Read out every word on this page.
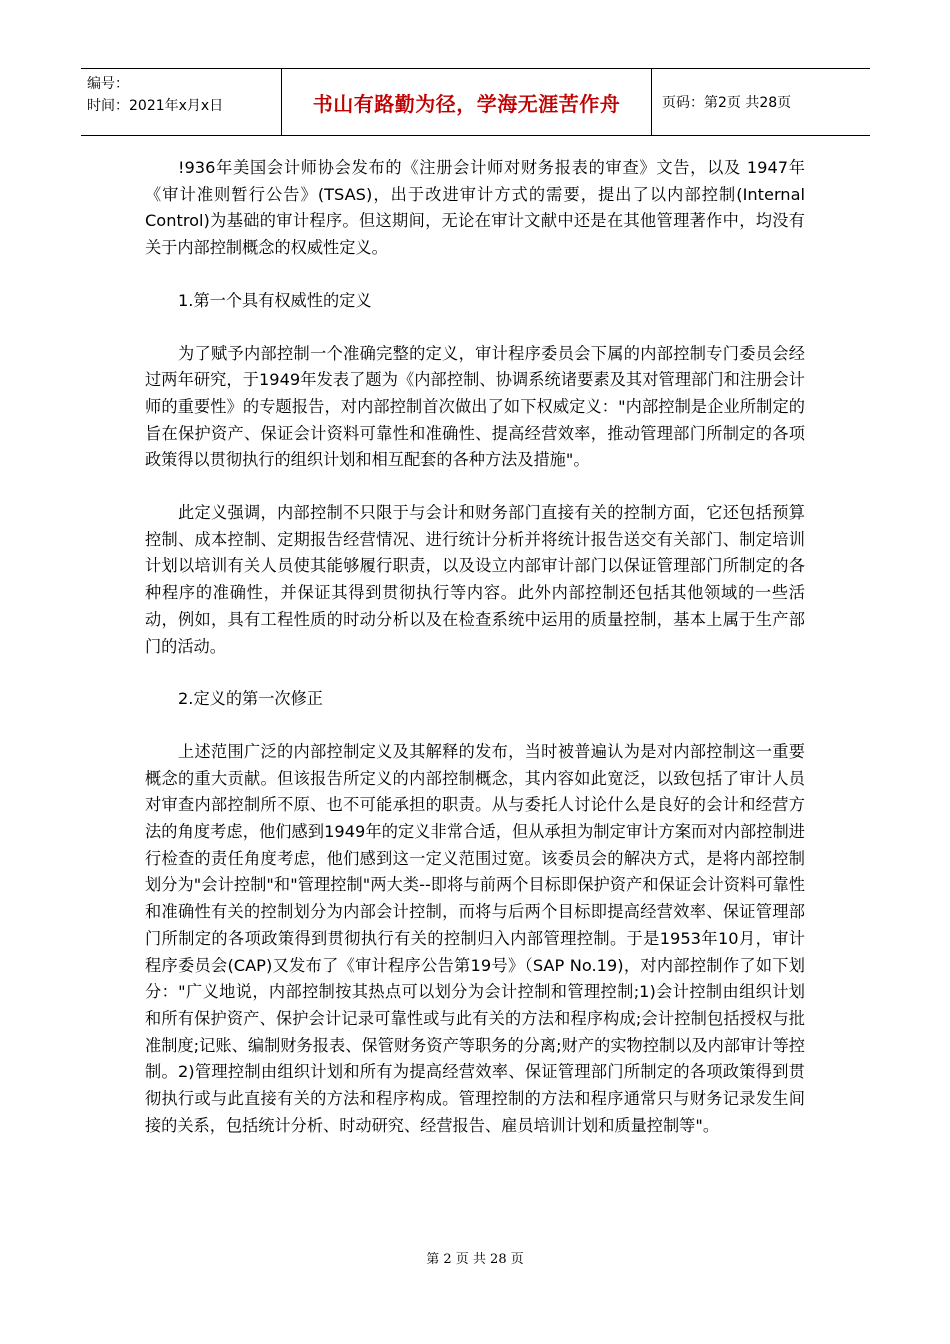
编号：
时间：2021年x月x日	书山有路勤为径，学海无涯苦作舟	页码：第2页 共28页

!936年美国会计师协会发布的《注册会计师对财务报表的审查》文告，以及 1947年《审计准则暂行公告》(TSAS)，出于改进审计方式的需要，提出了以内部控制(Internal Control)为基础的审计程序。但这期间，无论在审计文献中还是在其他管理著作中，均没有关于内部控制概念的权威性定义。

1.第一个具有权威性的定义

为了赋予内部控制一个准确完整的定义，审计程序委员会下属的内部控制专门委员会经过两年研究，于1949年发表了题为《内部控制、协调系统诸要素及其对管理部门和注册会计师的重要性》的专题报告，对内部控制首次做出了如下权威定义："内部控制是企业所制定的旨在保护资产、保证会计资料可靠性和准确性、提高经营效率，推动管理部门所制定的各项政策得以贯彻执行的组织计划和相互配套的各种方法及措施"。

此定义强调，内部控制不只限于与会计和财务部门直接有关的控制方面，它还包括预算控制、成本控制、定期报告经营情况、进行统计分析并将统计报告送交有关部门、制定培训计划以培训有关人员使其能够履行职责，以及设立内部审计部门以保证管理部门所制定的各种程序的准确性，并保证其得到贯彻执行等内容。此外内部控制还包括其他领域的一些活动，例如，具有工程性质的时动分析以及在检查系统中运用的质量控制，基本上属于生产部门的活动。

2.定义的第一次修正

上述范围广泛的内部控制定义及其解释的发布，当时被普遍认为是对内部控制这一重要概念的重大贡献。但该报告所定义的内部控制概念，其内容如此宽泛，以致包括了审计人员对审查内部控制所不原、也不可能承担的职责。从与委托人讨论什么是良好的会计和经营方法的角度考虑，他们感到1949年的定义非常合适，但从承担为制定审计方案而对内部控制进行检查的责任角度考虑，他们感到这一定义范围过宽。该委员会的解决方式，是将内部控制划分为"会计控制"和"管理控制"两大类--即将与前两个目标即保护资产和保证会计资料可靠性和准确性有关的控制划分为内部会计控制，而将与后两个目标即提高经营效率、保证管理部门所制定的各项政策得到贯彻执行有关的控制归入内部管理控制。于是1953年10月，审计程序委员会(CAP)又发布了《审计程序公告第19号》（SAP No.19)，对内部控制作了如下划分："广义地说，内部控制按其热点可以划分为会计控制和管理控制;1)会计控制由组织计划和所有保护资产、保护会计记录可靠性或与此有关的方法和程序构成;会计控制包括授权与批准制度;记账、编制财务报表、保管财务资产等职务的分离;财产的实物控制以及内部审计等控制。2)管理控制由组织计划和所有为提高经营效率、保证管理部门所制定的各项政策得到贯彻执行或与此直接有关的方法和程序构成。管理控制的方法和程序通常只与财务记录发生间接的关系，包括统计分析、时动研究、经营报告、雇员培训计划和质量控制等"。

第 2 页 共 28 页
